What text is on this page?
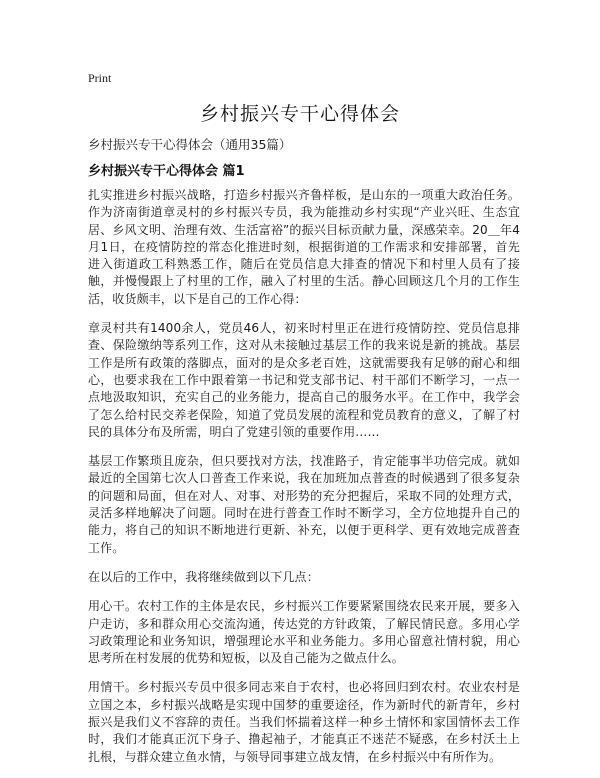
Print
乡村振兴专干心得体会
乡村振兴专干心得体会（通用35篇）
乡村振兴专干心得体会 篇1

扎实推进乡村振兴战略，打造乡村振兴齐鲁样板，是山东的一项重大政治任务。作为济南街道章灵村的乡村振兴专员，我为能推动乡村实现“产业兴旺、生态宜居、乡风文明、治理有效、生活富裕”的振兴目标贡献力量，深感荣幸。20＿年4月1日，在疫情防控的常态化推进时刻，根据街道的工作需求和安排部署，首先进入街道政工科熟悉工作，随后在党员信息大排查的情况下和村里人员有了接触，并慢慢跟上了村里的工作，融入了村里的生活。静心回顾这几个月的工作生活，收货颇丰，以下是自己的工作心得：

章灵村共有1400余人，党员46人，初来时村里正在进行疫情防控、党员信息排查、保险缴纳等系列工作，这对从未接触过基层工作的我来说是新的挑战。基层工作是所有政策的落脚点，面对的是众多老百姓，这就需要我有足够的耐心和细心，也要求我在工作中跟着第一书记和党支部书记、村干部们不断学习，一点一点地汲取知识，充实自己的业务能力，提高自己的服务水平。在工作中，我学会了怎么给村民交养老保险，知道了党员发展的流程和党员教育的意义，了解了村民的具体分布及所需，明白了党建引领的重要作用……

基层工作繁琐且庞杂，但只要找对方法，找准路子，肯定能事半功倍完成。就如最近的全国第七次人口普查工作来说，我在加班加点普查的时候遇到了很多复杂的问题和局面，但在对人、对事、对形势的充分把握后，采取不同的处理方式，灵活多样地解决了问题。同时在进行普查工作时不断学习，全方位地提升自己的能力，将自己的知识不断地进行更新、补充，以便于更科学、更有效地完成普查工作。

在以后的工作中，我将继续做到以下几点：

用心干。农村工作的主体是农民，乡村振兴工作要紧紧围绕农民来开展，要多入户走访，多和群众用心交流沟通，传达党的方针政策，了解民情民意。多用心学习政策理论和业务知识，增强理论水平和业务能力。多用心留意社情村貌，用心思考所在村发展的优势和短板，以及自己能为之做点什么。

用情干。乡村振兴专员中很多同志来自于农村，也必将回归到农村。农业农村是立国之本，乡村振兴战略是实现中国梦的重要途径，作为新时代的新青年，乡村振兴是我们义不容辞的责任。当我们怀揣着这样一种乡土情怀和家国情怀去工作时，我们才能真正沉下身子、撸起袖子，才能真正不迷茫不疑惑，在乡村沃土上扎根，与群众建立鱼水情，与领导同事建立战友情，在乡村振兴中有所作为。
